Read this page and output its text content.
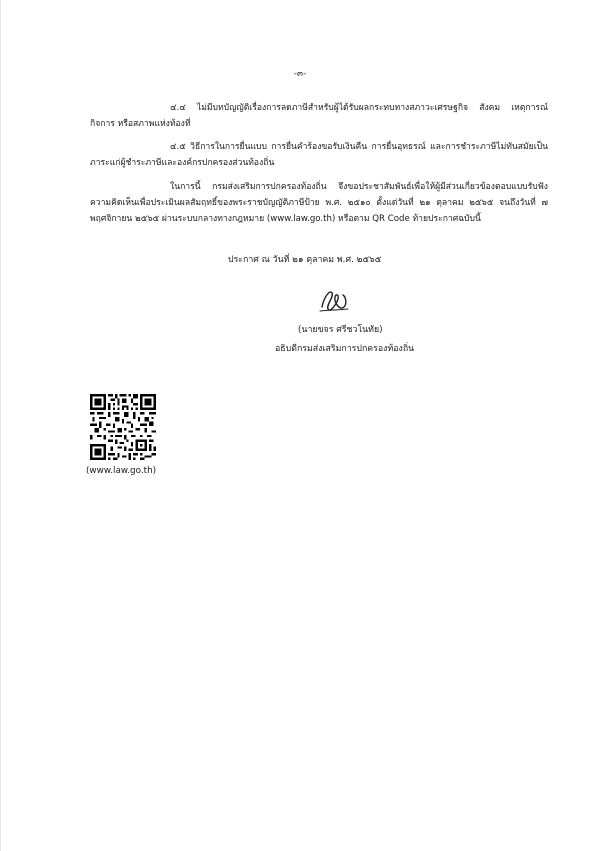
-๓-

๔.๔ ไม่มีบทบัญญัติเรื่องการลดภาษีสำหรับผู้ได้รับผลกระทบทางสภาวะเศรษฐกิจ สังคม เหตุการณ์ กิจการ หรือสภาพแห่งท้องที่

๔.๕ วิธีการในการยื่นแบบ การยื่นคำร้องขอรับเงินคืน การยื่นอุทธรณ์ และการชำระภาษีไม่ทันสมัยเป็นภาระแก่ผู้ชำระภาษีและองค์กรปกครองส่วนท้องถิ่น

ในการนี้ กรมส่งเสริมการปกครองท้องถิ่น จึงขอประชาสัมพันธ์เพื่อให้ผู้มีส่วนเกี่ยวข้องตอบแบบรับฟังความคิดเห็นเพื่อประเมินผลสัมฤทธิ์ของพระราชบัญญัติภาษีป้าย พ.ศ. ๒๕๑๐ ตั้งแต่วันที่ ๒๑ ตุลาคม ๒๕๖๕ จนถึงวันที่ ๗ พฤศจิกายน ๒๕๖๕ ผ่านระบบกลางทางกฎหมาย (www.law.go.th) หรือตาม QR Code ท้ายประกาศฉบับนี้

ประกาศ ณ วันที่ ๒๑ ตุลาคม พ.ศ. ๒๕๖๕
(นายขจร ศรีชวโนทัย)
อธิบดีกรมส่งเสริมการปกครองท้องถิ่น
(www.law.go.th)
